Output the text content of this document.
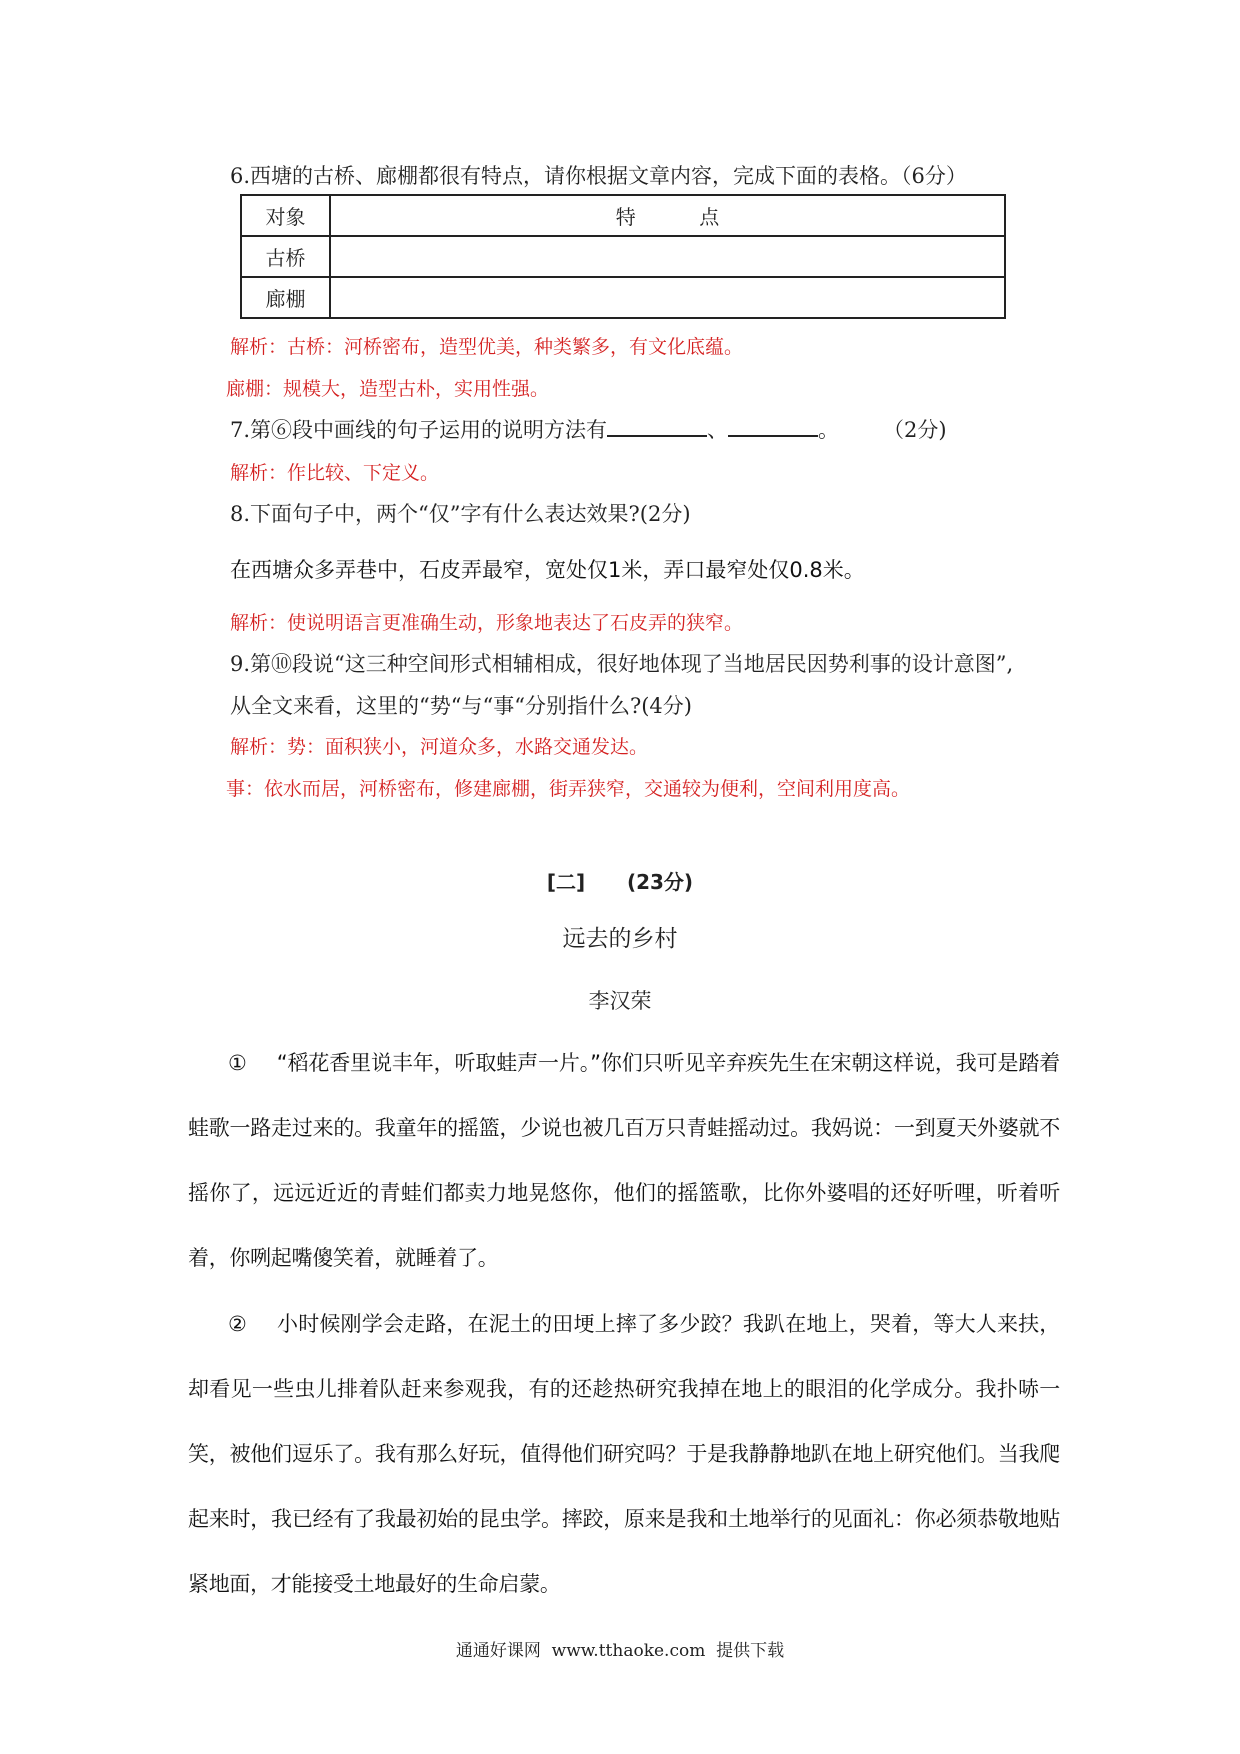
6.西塘的古桥、廊棚都很有特点，请你根据文章内容，完成下面的表格。（6分）
对象	特          点
古桥	
廊棚	
解析：古桥：河桥密布，造型优美，种类繁多，有文化底蕴。
廊棚：规模大，造型古朴，实用性强。
7.第⑥段中画线的句子运用的说明方法有	、	。 （2分)
解析：作比较、下定义。
8.下面句子中，两个“仅”字有什么表达效果?(2分)
在西塘众多弄巷中，石皮弄最窄，宽处仅1米，弄口最窄处仅0.8米。
解析：使说明语言更准确生动，形象地表达了石皮弄的狭窄。
9.第⑩段说“这三种空间形式相辅相成，很好地体现了当地居民因势利事的设计意图”,
从全文来看，这里的“势“与“事“分别指什么?(4分)
解析：势：面积狭小，河道众多，水路交通发达。
事：依水而居，河桥密布，修建廊棚，街弄狭窄，交通较为便利，空间利用度高。
[二]      (23分)
远去的乡村
李汉荣
① “稻花香里说丰年，听取蛙声一片。”你们只听见辛弃疾先生在宋朝这样说，我可是踏着蛙歌一路走过来的。我童年的摇篮，少说也被几百万只青蛙摇动过。我妈说：一到夏天外婆就不摇你了，远远近近的青蛙们都卖力地晃悠你，他们的摇篮歌，比你外婆唱的还好听哩，听着听着，你咧起嘴傻笑着，就睡着了。
② 小时候刚学会走路，在泥土的田埂上摔了多少跤？我趴在地上，哭着，等大人来扶，却看见一些虫儿排着队赶来参观我，有的还趁热研究我掉在地上的眼泪的化学成分。我扑哧一笑，被他们逗乐了。我有那么好玩，值得他们研究吗？于是我静静地趴在地上研究他们。当我爬起来时，我已经有了我最初始的昆虫学。摔跤，原来是我和土地举行的见面礼：你必须恭敬地贴紧地面，才能接受土地最好的生命启蒙。
通通好课网  www.tthaoke.com  提供下载
